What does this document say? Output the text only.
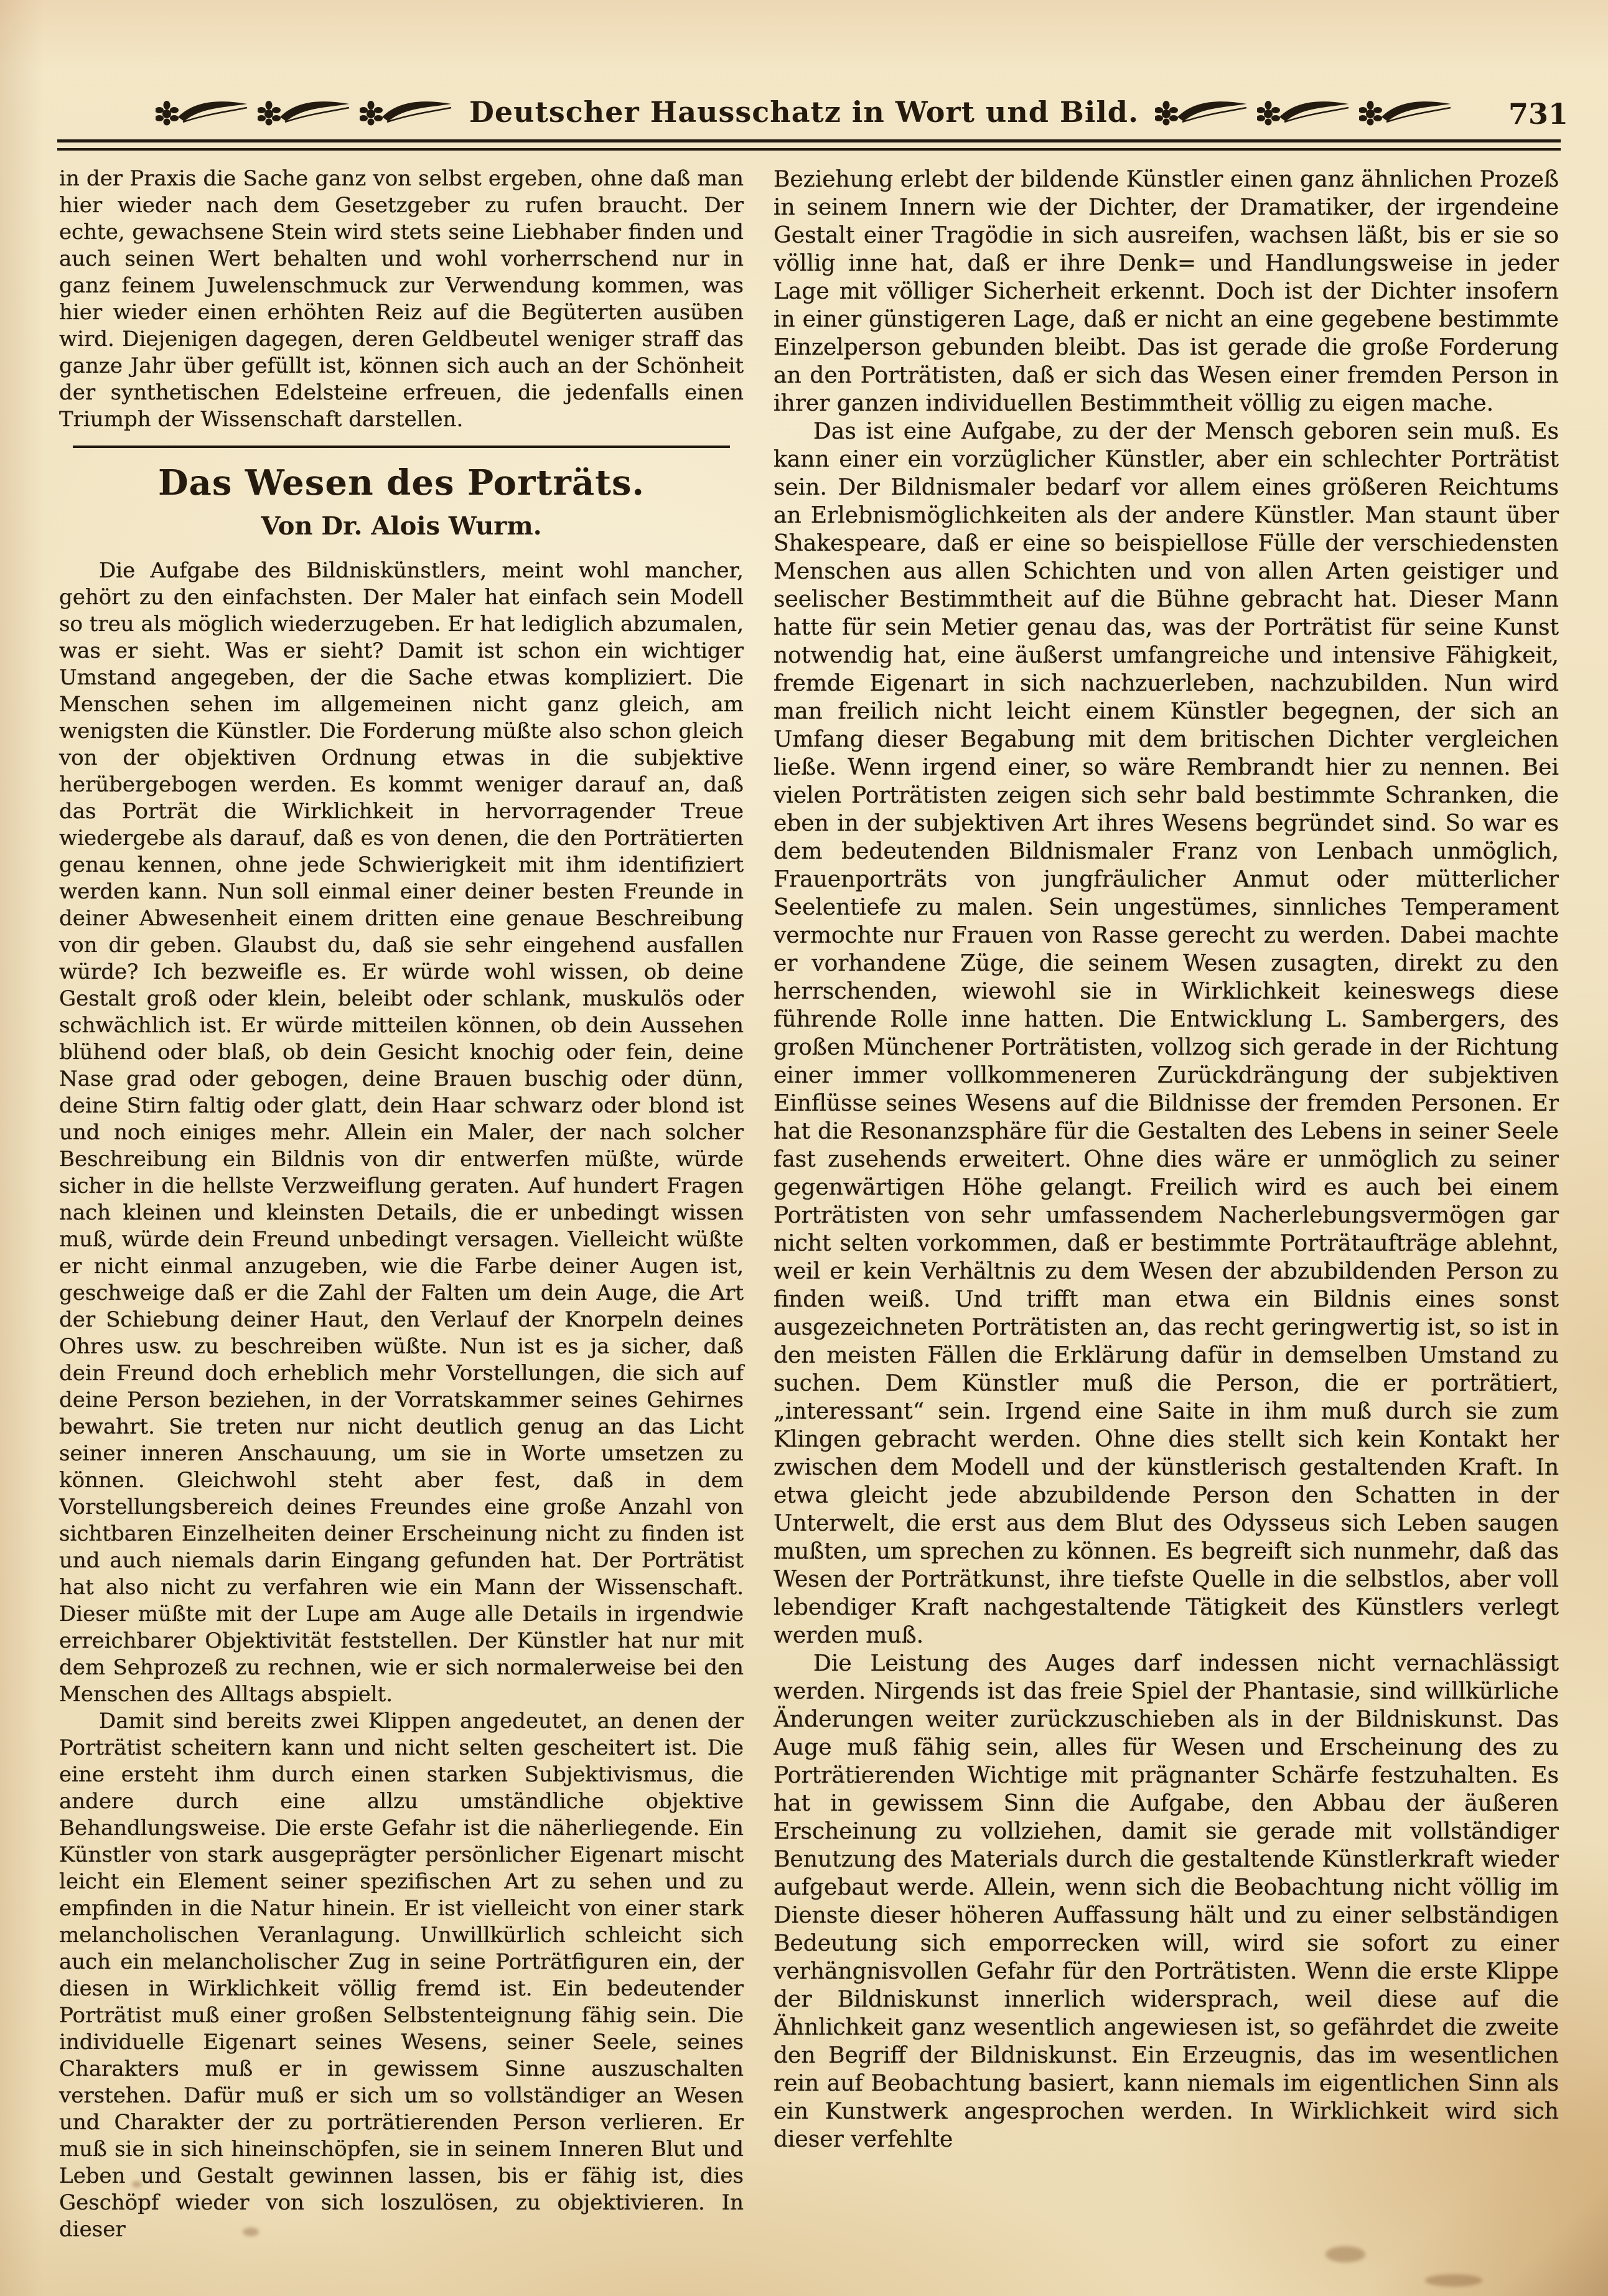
Deutscher Hausschatz in Wort und Bild.	731

in der Praxis die Sache ganz von selbst ergeben, ohne daß man hier wieder nach dem Gesetzgeber zu rufen braucht. Der echte, gewachsene Stein wird stets seine Liebhaber finden und auch seinen Wert behalten und wohl vorherrschend nur in ganz feinem Juwelenschmuck zur Verwendung kommen, was hier wieder einen erhöhten Reiz auf die Begüterten ausüben wird. Diejenigen dagegen, deren Geldbeutel weniger straff das ganze Jahr über gefüllt ist, können sich auch an der Schönheit der synthetischen Edelsteine erfreuen, die jedenfalls einen Triumph der Wissenschaft darstellen.

Das Wesen des Porträts.
Von Dr. Alois Wurm.

Die Aufgabe des Bildniskünstlers, meint wohl mancher, gehört zu den einfachsten. Der Maler hat einfach sein Modell so treu als möglich wiederzugeben. Er hat lediglich abzumalen, was er sieht. Was er sieht? Damit ist schon ein wichtiger Umstand angegeben, der die Sache etwas kompliziert. Die Menschen sehen im allgemeinen nicht ganz gleich, am wenigsten die Künstler. Die Forderung müßte also schon gleich von der objektiven Ordnung etwas in die subjektive herübergebogen werden. Es kommt weniger darauf an, daß das Porträt die Wirklichkeit in hervorragender Treue wiedergebe als darauf, daß es von denen, die den Porträtierten genau kennen, ohne jede Schwierigkeit mit ihm identifiziert werden kann. Nun soll einmal einer deiner besten Freunde in deiner Abwesenheit einem dritten eine genaue Beschreibung von dir geben. Glaubst du, daß sie sehr eingehend ausfallen würde? Ich bezweifle es. Er würde wohl wissen, ob deine Gestalt groß oder klein, beleibt oder schlank, muskulös oder schwächlich ist. Er würde mitteilen können, ob dein Aussehen blühend oder blaß, ob dein Gesicht knochig oder fein, deine Nase grad oder gebogen, deine Brauen buschig oder dünn, deine Stirn faltig oder glatt, dein Haar schwarz oder blond ist und noch einiges mehr. Allein ein Maler, der nach solcher Beschreibung ein Bildnis von dir entwerfen müßte, würde sicher in die hellste Verzweiflung geraten. Auf hundert Fragen nach kleinen und kleinsten Details, die er unbedingt wissen muß, würde dein Freund unbedingt versagen. Vielleicht wüßte er nicht einmal anzugeben, wie die Farbe deiner Augen ist, geschweige daß er die Zahl der Falten um dein Auge, die Art der Schiebung deiner Haut, den Verlauf der Knorpeln deines Ohres usw. zu beschreiben wüßte. Nun ist es ja sicher, daß dein Freund doch erheblich mehr Vorstellungen, die sich auf deine Person beziehen, in der Vorratskammer seines Gehirnes bewahrt. Sie treten nur nicht deutlich genug an das Licht seiner inneren Anschauung, um sie in Worte umsetzen zu können. Gleichwohl steht aber fest, daß in dem Vorstellungsbereich deines Freundes eine große Anzahl von sichtbaren Einzelheiten deiner Erscheinung nicht zu finden ist und auch niemals darin Eingang gefunden hat. Der Porträtist hat also nicht zu verfahren wie ein Mann der Wissenschaft. Dieser müßte mit der Lupe am Auge alle Details in irgendwie erreichbarer Objektivität feststellen. Der Künstler hat nur mit dem Sehprozeß zu rechnen, wie er sich normalerweise bei den Menschen des Alltags abspielt.

Damit sind bereits zwei Klippen angedeutet, an denen der Porträtist scheitern kann und nicht selten gescheitert ist. Die eine ersteht ihm durch einen starken Subjektivismus, die andere durch eine allzu umständliche objektive Behandlungsweise. Die erste Gefahr ist die näherliegende. Ein Künstler von stark ausgeprägter persönlicher Eigenart mischt leicht ein Element seiner spezifischen Art zu sehen und zu empfinden in die Natur hinein. Er ist vielleicht von einer stark melancholischen Veranlagung. Unwillkürlich schleicht sich auch ein melancholischer Zug in seine Porträtfiguren ein, der diesen in Wirklichkeit völlig fremd ist. Ein bedeutender Porträtist muß einer großen Selbstenteignung fähig sein. Die individuelle Eigenart seines Wesens, seiner Seele, seines Charakters muß er in gewissem Sinne auszuschalten verstehen. Dafür muß er sich um so vollständiger an Wesen und Charakter der zu porträtierenden Person verlieren. Er muß sie in sich hineinschöpfen, sie in seinem Inneren Blut und Leben und Gestalt gewinnen lassen, bis er fähig ist, dies Geschöpf wieder von sich loszulösen, zu objektivieren. In dieser

Beziehung erlebt der bildende Künstler einen ganz ähnlichen Prozeß in seinem Innern wie der Dichter, der Dramatiker, der irgendeine Gestalt einer Tragödie in sich ausreifen, wachsen läßt, bis er sie so völlig inne hat, daß er ihre Denk= und Handlungsweise in jeder Lage mit völliger Sicherheit erkennt. Doch ist der Dichter insofern in einer günstigeren Lage, daß er nicht an eine gegebene bestimmte Einzelperson gebunden bleibt. Das ist gerade die große Forderung an den Porträtisten, daß er sich das Wesen einer fremden Person in ihrer ganzen individuellen Bestimmtheit völlig zu eigen mache.

Das ist eine Aufgabe, zu der der Mensch geboren sein muß. Es kann einer ein vorzüglicher Künstler, aber ein schlechter Porträtist sein. Der Bildnismaler bedarf vor allem eines größeren Reichtums an Erlebnismöglichkeiten als der andere Künstler. Man staunt über Shakespeare, daß er eine so beispiellose Fülle der verschiedensten Menschen aus allen Schichten und von allen Arten geistiger und seelischer Bestimmtheit auf die Bühne gebracht hat. Dieser Mann hatte für sein Metier genau das, was der Porträtist für seine Kunst notwendig hat, eine äußerst umfangreiche und intensive Fähigkeit, fremde Eigenart in sich nachzuerleben, nachzubilden. Nun wird man freilich nicht leicht einem Künstler begegnen, der sich an Umfang dieser Begabung mit dem britischen Dichter vergleichen ließe. Wenn irgend einer, so wäre Rembrandt hier zu nennen. Bei vielen Porträtisten zeigen sich sehr bald bestimmte Schranken, die eben in der subjektiven Art ihres Wesens begründet sind. So war es dem bedeutenden Bildnismaler Franz von Lenbach unmöglich, Frauenporträts von jungfräulicher Anmut oder mütterlicher Seelentiefe zu malen. Sein ungestümes, sinnliches Temperament vermochte nur Frauen von Rasse gerecht zu werden. Dabei machte er vorhandene Züge, die seinem Wesen zusagten, direkt zu den herrschenden, wiewohl sie in Wirklichkeit keineswegs diese führende Rolle inne hatten. Die Entwicklung L. Sambergers, des großen Münchener Porträtisten, vollzog sich gerade in der Richtung einer immer vollkommeneren Zurückdrängung der subjektiven Einflüsse seines Wesens auf die Bildnisse der fremden Personen. Er hat die Resonanzsphäre für die Gestalten des Lebens in seiner Seele fast zusehends erweitert. Ohne dies wäre er unmöglich zu seiner gegenwärtigen Höhe gelangt. Freilich wird es auch bei einem Porträtisten von sehr umfassendem Nacherlebungsvermögen gar nicht selten vorkommen, daß er bestimmte Porträtaufträge ablehnt, weil er kein Verhältnis zu dem Wesen der abzubildenden Person zu finden weiß. Und trifft man etwa ein Bildnis eines sonst ausgezeichneten Porträtisten an, das recht geringwertig ist, so ist in den meisten Fällen die Erklärung dafür in demselben Umstand zu suchen. Dem Künstler muß die Person, die er porträtiert, „interessant“ sein. Irgend eine Saite in ihm muß durch sie zum Klingen gebracht werden. Ohne dies stellt sich kein Kontakt her zwischen dem Modell und der künstlerisch gestaltenden Kraft. In etwa gleicht jede abzubildende Person den Schatten in der Unterwelt, die erst aus dem Blut des Odysseus sich Leben saugen mußten, um sprechen zu können. Es begreift sich nunmehr, daß das Wesen der Porträtkunst, ihre tiefste Quelle in die selbstlos, aber voll lebendiger Kraft nachgestaltende Tätigkeit des Künstlers verlegt werden muß.

Die Leistung des Auges darf indessen nicht vernachlässigt werden. Nirgends ist das freie Spiel der Phantasie, sind willkürliche Änderungen weiter zurückzuschieben als in der Bildniskunst. Das Auge muß fähig sein, alles für Wesen und Erscheinung des zu Porträtierenden Wichtige mit prägnanter Schärfe festzuhalten. Es hat in gewissem Sinn die Aufgabe, den Abbau der äußeren Erscheinung zu vollziehen, damit sie gerade mit vollständiger Benutzung des Materials durch die gestaltende Künstlerkraft wieder aufgebaut werde. Allein, wenn sich die Beobachtung nicht völlig im Dienste dieser höheren Auffassung hält und zu einer selbständigen Bedeutung sich emporrecken will, wird sie sofort zu einer verhängnisvollen Gefahr für den Porträtisten. Wenn die erste Klippe der Bildniskunst innerlich widersprach, weil diese auf die Ähnlichkeit ganz wesentlich angewiesen ist, so gefährdet die zweite den Begriff der Bildniskunst. Ein Erzeugnis, das im wesentlichen rein auf Beobachtung basiert, kann niemals im eigentlichen Sinn als ein Kunstwerk angesprochen werden. In Wirklichkeit wird sich dieser verfehlte
